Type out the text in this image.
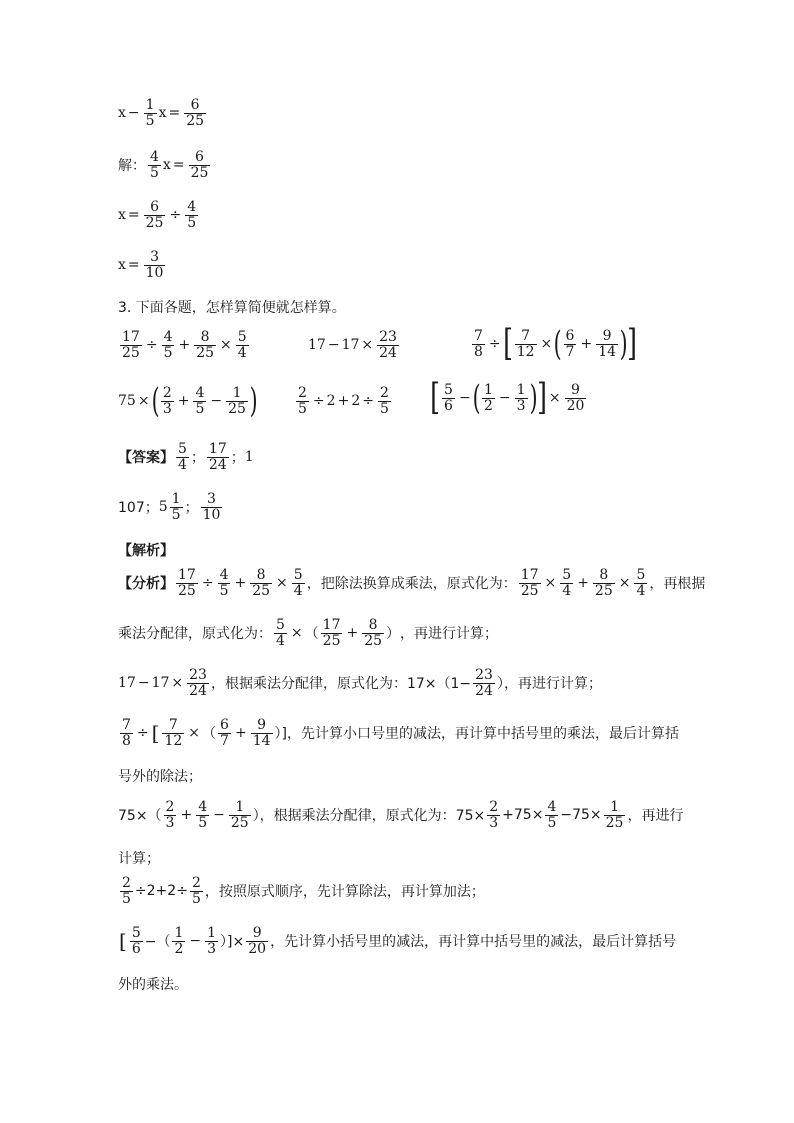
$x - \frac{1}{5}$ $x = \frac{6}{25}$
解： $\frac{4}{5}$ $x = \frac{6}{25}$
$x = \frac{6}{25} \div \frac{4}{5}$
$x = \frac{3}{10}$
3. 下面各题，怎样算简便就怎样算。
$\frac{17}{25} \div \frac{4}{5} + \frac{8}{25} \times \frac{5}{4}$	$17 - 17 \times \frac{23}{24}$	$\frac{7}{8}$ ÷ [ $\frac{7}{12}$ × ( $\frac{6}{7} + \frac{9}{14}$ ) ]
75 × ( $\frac{2}{3} + \frac{4}{5} - \frac{1}{25}$ )	$\frac{2}{5} \div 2 + 2 \div \frac{2}{5}$ [ $\frac{5}{6}$ − ( $\frac{1}{2} - \frac{1}{3}$ ) ] × $\frac{9}{20}$
【答案】 $\frac{5}{4}$ ； $\frac{17}{24}$ ； 1
107； $5 \frac{1}{5}$ ； $\frac{3}{10}$
【解析】
【分析】 $\frac{17}{25} \div \frac{4}{5} + \frac{8}{25} \times \frac{5}{4}$ ，把除法换算成乘法，原式化为： $\frac{17}{25} \times \frac{5}{4} + \frac{8}{25} \times \frac{5}{4}$ ，再根据
乘法分配律，原式化为： $\frac{5}{4}$ × （ $\frac{17}{25} + \frac{8}{25}$ ） ，再进行计算；
$17 - 17 \times \frac{23}{24}$ ，根据乘法分配律，原式化为：$17\times(1- \frac{23}{24}$ ），再进行计算；
$\frac{7}{8}$ ÷ [ $\frac{7}{12}$ × （ $\frac{6}{7} + \frac{9}{14}$ ）] ，先计算小口号里的减法，再计算中括号里的乘法，最后计算括
号外的除法；
$75\times( \frac{2}{3} + \frac{4}{5} - \frac{1}{25}$ ），根据乘法分配律，原式化为：$75\times \frac{2}{3} +75\times \frac{4}{5} -75\times \frac{1}{25}$ ，再进行
计算；
$\frac{2}{5} \div 2+2\div \frac{2}{5}$ ，按照原式顺序，先计算除法，再计算加法；
[ $\frac{5}{6}$ −（ $\frac{1}{2} - \frac{1}{3}$ ）]× $\frac{9}{20}$ ，先计算小括号里的减法，再计算中括号里的减法，最后计算括号
外的乘法。
